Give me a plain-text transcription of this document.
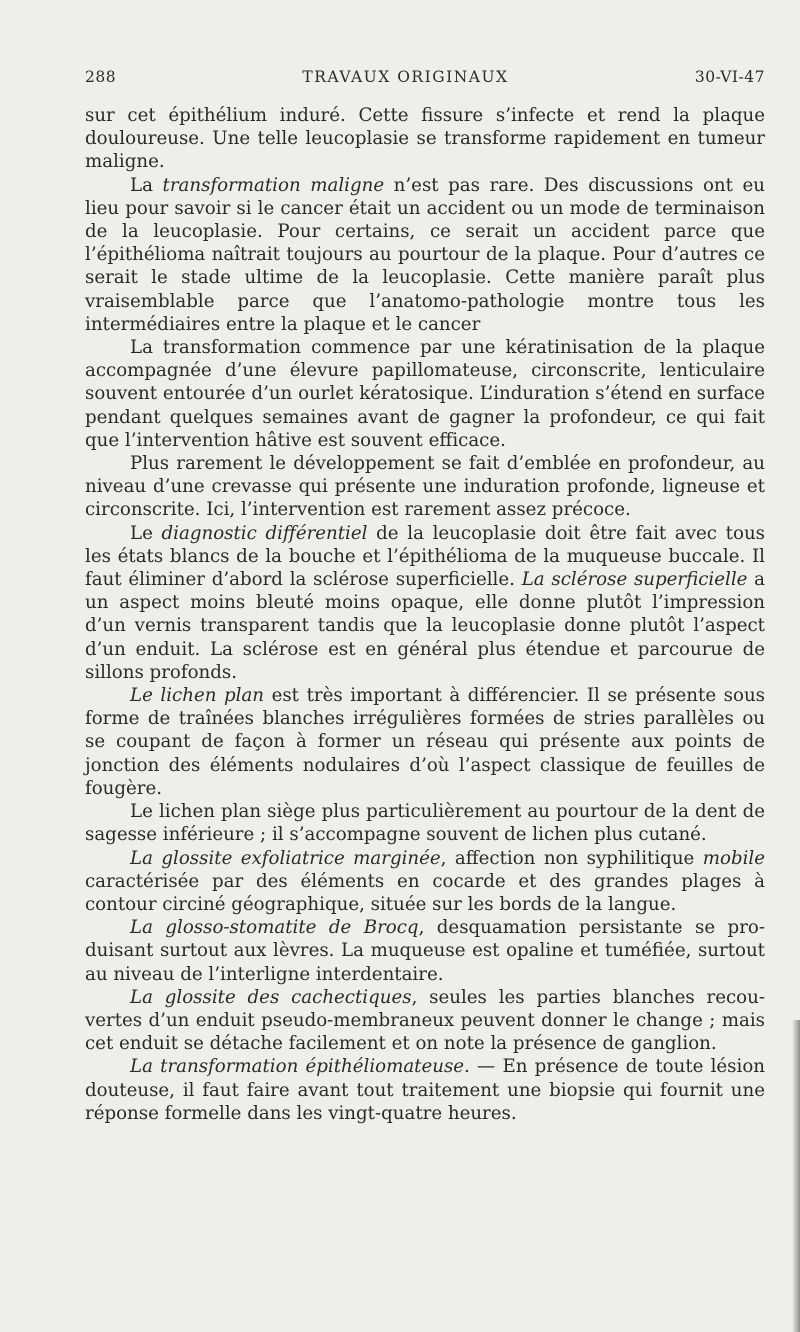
288	TRAVAUX ORIGINAUX	30-VI-47

sur cet épithélium induré. Cette fissure s’infecte et rend la plaque douloureuse. Une telle leucoplasie se transforme rapidement en tumeur maligne.

La transformation maligne n’est pas rare. Des discussions ont eu lieu pour savoir si le cancer était un accident ou un mode de terminaison de la leucoplasie. Pour certains, ce serait un accident parce que l’épithélioma naîtrait toujours au pourtour de la plaque. Pour d’autres ce serait le stade ultime de la leucoplasie. Cette manière paraît plus vraisemblable parce que l’anatomo-pathologie montre tous les intermédiaires entre la plaque et le cancer

La transformation commence par une kératinisation de la plaque accompagnée d’une élevure papillomateuse, circonscrite, lenticulaire souvent entourée d’un ourlet kératosique. L’induration s’étend en surface pendant quelques semaines avant de gagner la profondeur, ce qui fait que l’intervention hâtive est souvent efficace.

Plus rarement le développement se fait d’emblée en profondeur, au niveau d’une crevasse qui présente une induration profonde, ligneuse et circonscrite. Ici, l’intervention est rarement assez précoce.

Le diagnostic différentiel de la leucoplasie doit être fait avec tous les états blancs de la bouche et l’épithélioma de la muqueuse buccale. Il faut éliminer d’abord la sclérose superficielle. La sclérose superficielle a un aspect moins bleuté moins opaque, elle donne plutôt l’impression d’un vernis transparent tandis que la leucoplasie donne plutôt l’aspect d’un enduit. La sclérose est en général plus étendue et parcourue de sillons profonds.

Le lichen plan est très important à différencier. Il se présente sous forme de traînées blanches irrégulières formées de stries parallèles ou se coupant de façon à former un réseau qui présente aux points de jonction des éléments nodulaires d’où l’aspect classique de feuilles de fougère.

Le lichen plan siège plus particulièrement au pourtour de la dent de sagesse inférieure ; il s’accompagne souvent de lichen plus cutané.

La glossite exfoliatrice marginée, affection non syphilitique mobile caractérisée par des éléments en cocarde et des grandes plages à contour circiné géographique, située sur les bords de la langue.

La glosso-stomatite de Brocq, desquamation persistante se produisant surtout aux lèvres. La muqueuse est opaline et tuméfiée, surtout au niveau de l’interligne interdentaire.

La glossite des cachectiques, seules les parties blanches recouvertes d’un enduit pseudo-membraneux peuvent donner le change ; mais cet enduit se détache facilement et on note la présence de ganglion.

La transformation épithéliomateuse. — En présence de toute lésion douteuse, il faut faire avant tout traitement une biopsie qui fournit une réponse formelle dans les vingt-quatre heures.
